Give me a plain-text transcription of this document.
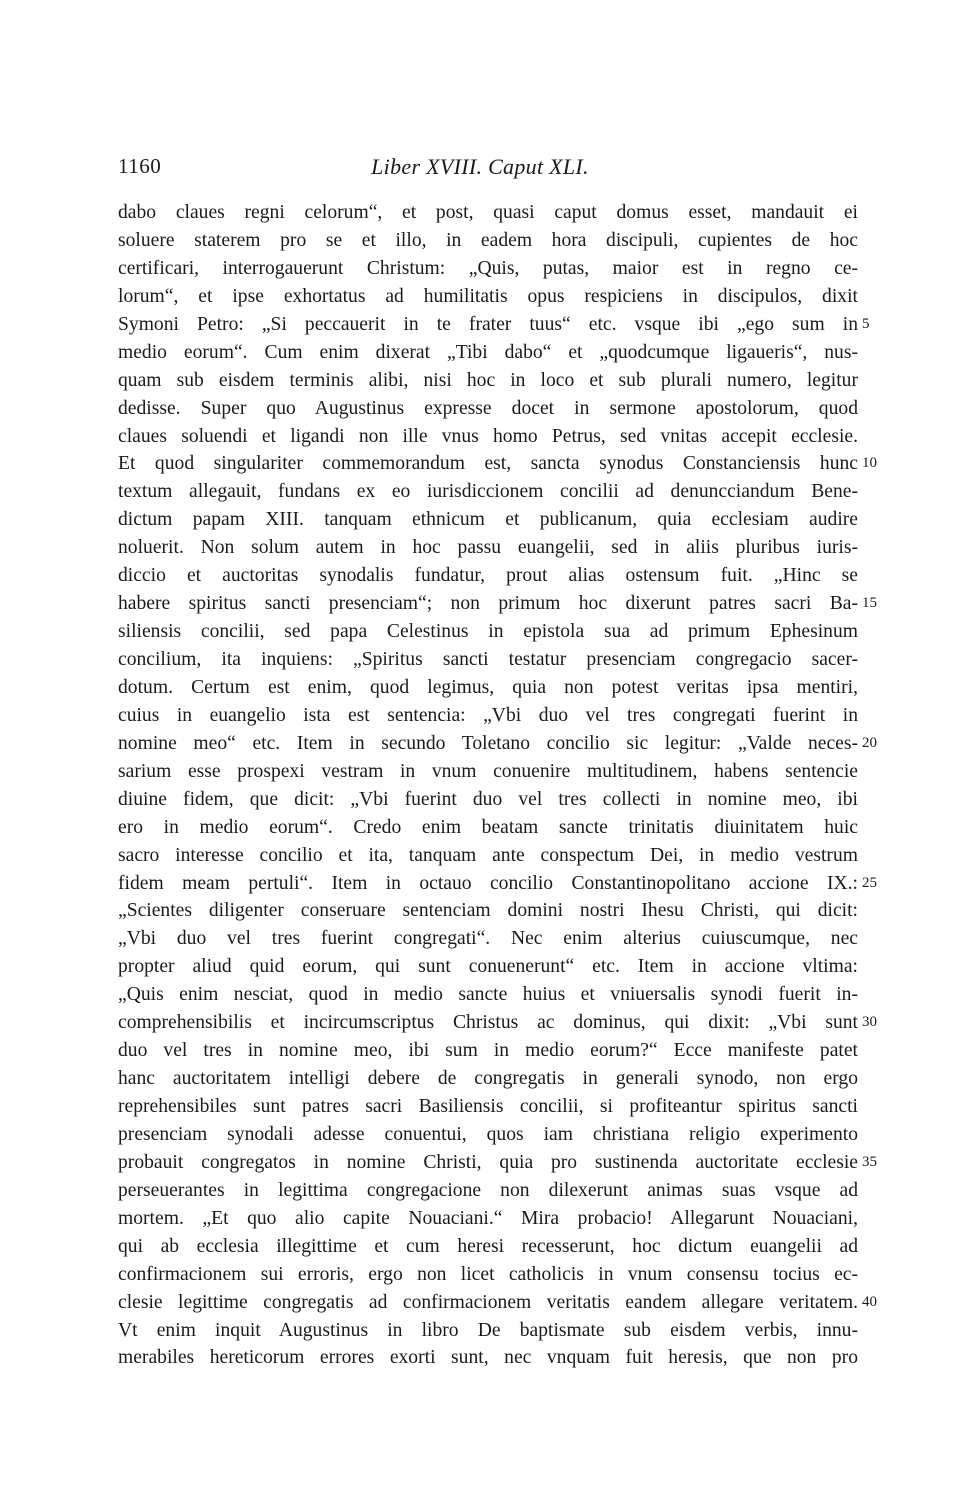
1160	Liber XVIII. Caput XLI.
dabo claues regni celorum“, et post, quasi caput domus esset, mandauit ei
soluere staterem pro se et illo, in eadem hora discipuli, cupientes de hoc
certificari, interrogauerunt Christum: „Quis, putas, maior est in regno ce-
lorum“, et ipse exhortatus ad humilitatis opus respiciens in discipulos, dixit
Symoni Petro: „Si peccauerit in te frater tuus“ etc. vsque ibi „ego sum in 5
medio eorum“. Cum enim dixerat „Tibi dabo“ et „quodcumque ligaueris“, nus-
quam sub eisdem terminis alibi, nisi hoc in loco et sub plurali numero, legitur
dedisse. Super quo Augustinus expresse docet in sermone apostolorum, quod
claues soluendi et ligandi non ille vnus homo Petrus, sed vnitas accepit ecclesie.
Et quod singulariter commemorandum est, sancta synodus Constanciensis hunc 10
textum allegauit, fundans ex eo iurisdiccionem concilii ad denuncciandum Bene-
dictum papam XIII. tanquam ethnicum et publicanum, quia ecclesiam audire
noluerit. Non solum autem in hoc passu euangelii, sed in aliis pluribus iuris-
diccio et auctoritas synodalis fundatur, prout alias ostensum fuit. „Hinc se
habere spiritus sancti presenciam“; non primum hoc dixerunt patres sacri Ba- 15
siliensis concilii, sed papa Celestinus in epistola sua ad primum Ephesinum
concilium, ita inquiens: „Spiritus sancti testatur presenciam congregacio sacer-
dotum. Certum est enim, quod legimus, quia non potest veritas ipsa mentiri,
cuius in euangelio ista est sentencia: „Vbi duo vel tres congregati fuerint in
nomine meo“ etc. Item in secundo Toletano concilio sic legitur: „Valde neces- 20
sarium esse prospexi vestram in vnum conuenire multitudinem, habens sentencie
diuine fidem, que dicit: „Vbi fuerint duo vel tres collecti in nomine meo, ibi
ero in medio eorum“. Credo enim beatam sancte trinitatis diuinitatem huic
sacro interesse concilio et ita, tanquam ante conspectum Dei, in medio vestrum
fidem meam pertuli“. Item in octauo concilio Constantinopolitano accione IX.: 25
„Scientes diligenter conseruare sentenciam domini nostri Ihesu Christi, qui dicit:
„Vbi duo vel tres fuerint congregati“. Nec enim alterius cuiuscumque, nec
propter aliud quid eorum, qui sunt conuenerunt“ etc. Item in accione vltima:
„Quis enim nesciat, quod in medio sancte huius et vniuersalis synodi fuerit in-
comprehensibilis et incircumscriptus Christus ac dominus, qui dixit: „Vbi sunt 30
duo vel tres in nomine meo, ibi sum in medio eorum?“ Ecce manifeste patet
hanc auctoritatem intelligi debere de congregatis in generali synodo, non ergo
reprehensibiles sunt patres sacri Basiliensis concilii, si profiteantur spiritus sancti
presenciam synodali adesse conuentui, quos iam christiana religio experimento
probauit congregatos in nomine Christi, quia pro sustinenda auctoritate ecclesie 35
perseuerantes in legittima congregacione non dilexerunt animas suas vsque ad
mortem. „Et quo alio capite Nouaciani.“ Mira probacio! Allegarunt Nouaciani,
qui ab ecclesia illegittime et cum heresi recesserunt, hoc dictum euangelii ad
confirmacionem sui erroris, ergo non licet catholicis in vnum consensu tocius ec-
clesie legittime congregatis ad confirmacionem veritatis eandem allegare veritatem. 40
Vt enim inquit Augustinus in libro De baptismate sub eisdem verbis, innu-
merabiles hereticorum errores exorti sunt, nec vnquam fuit heresis, que non pro
